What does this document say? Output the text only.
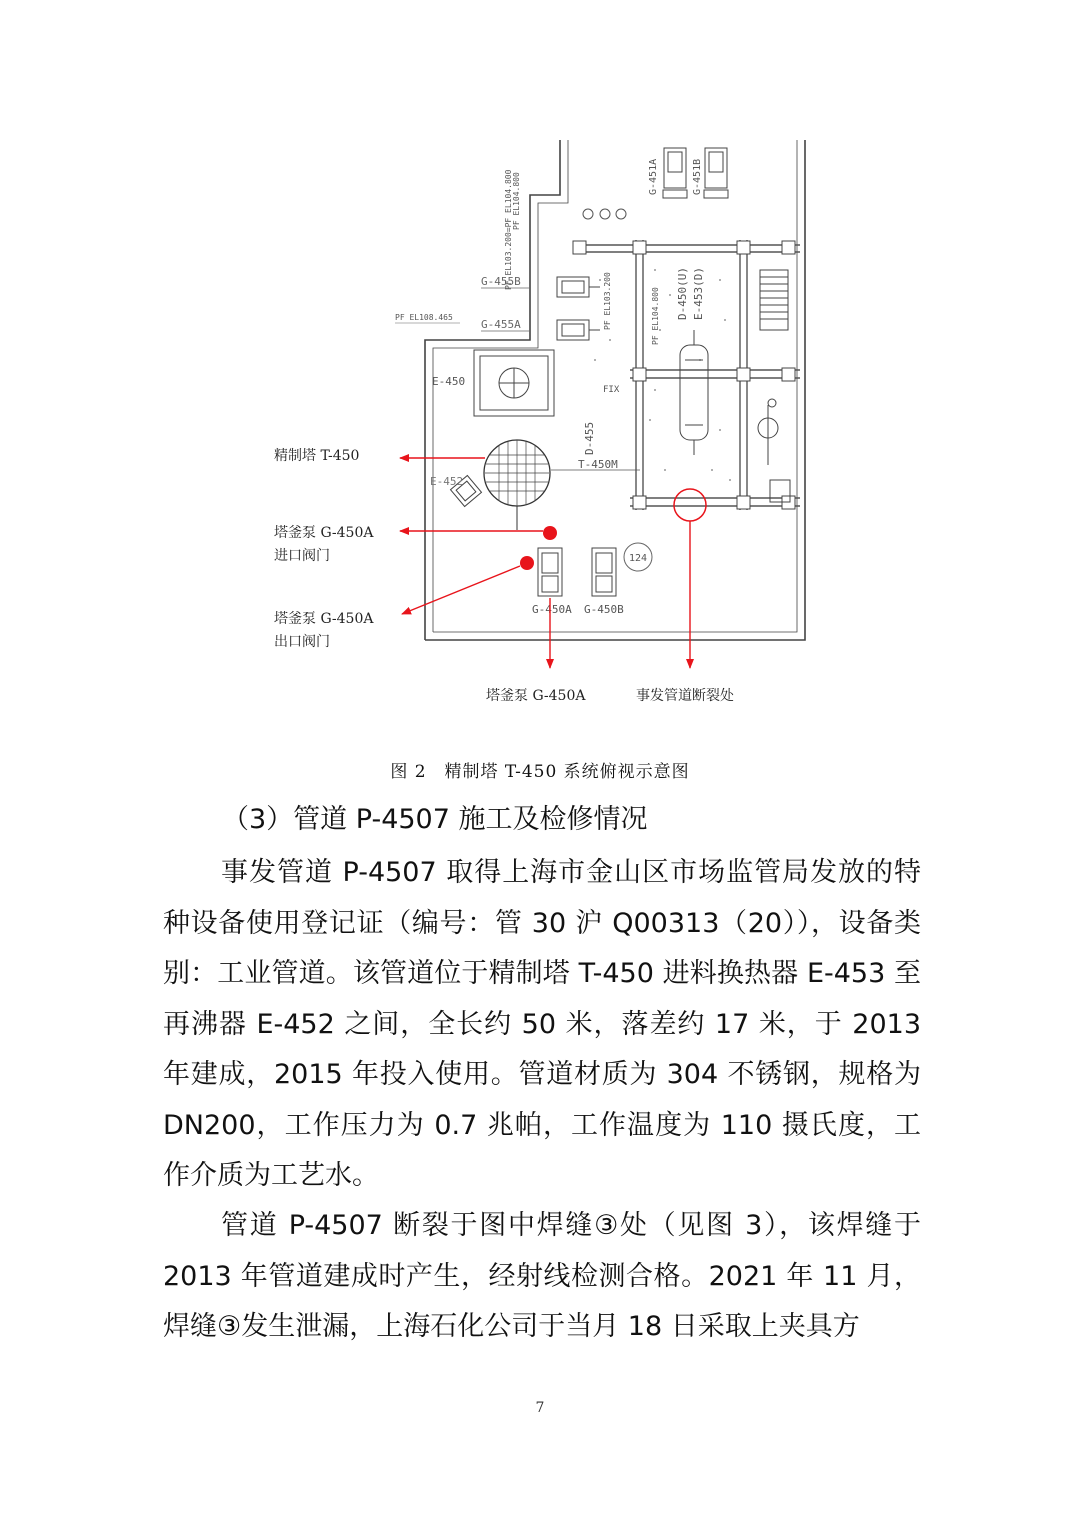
G-451A	G-451B
PF EL104.800
PF EL103.200=PF EL104.800
PF EL103.200	PF EL104.800
G-455B
G-455A
PF EL108.465
E-450
T-450M
E-452
D-455
FIX
D-450(U) E-453(D)
G-450A G-450B
124
精制塔 T-450
塔釜泵 G-450A
进口阀门
塔釜泵 G-450A
出口阀门
塔釜泵 G-450A	事发管道断裂处
图 2　精制塔 T-450 系统俯视示意图
（3）管道 P-4507 施工及检修情况

事发管道 P-4507 取得上海市金山区市场监管局发放的特种设备使用登记证（编号：管 30 沪 Q00313（20）），设备类别：工业管道。该管道位于精制塔 T-450 进料换热器 E-453 至再沸器 E-452 之间，全长约 50 米，落差约 17 米，于 2013 年建成，2015 年投入使用。管道材质为 304 不锈钢，规格为 DN200，工作压力为 0.7 兆帕，工作温度为 110 摄氏度，工作介质为工艺水。

管道 P-4507 断裂于图中焊缝③处（见图 3），该焊缝于 2013 年管道建成时产生，经射线检测合格。2021 年 11 月，焊缝③发生泄漏，上海石化公司于当月 18 日采取上夹具方

7
